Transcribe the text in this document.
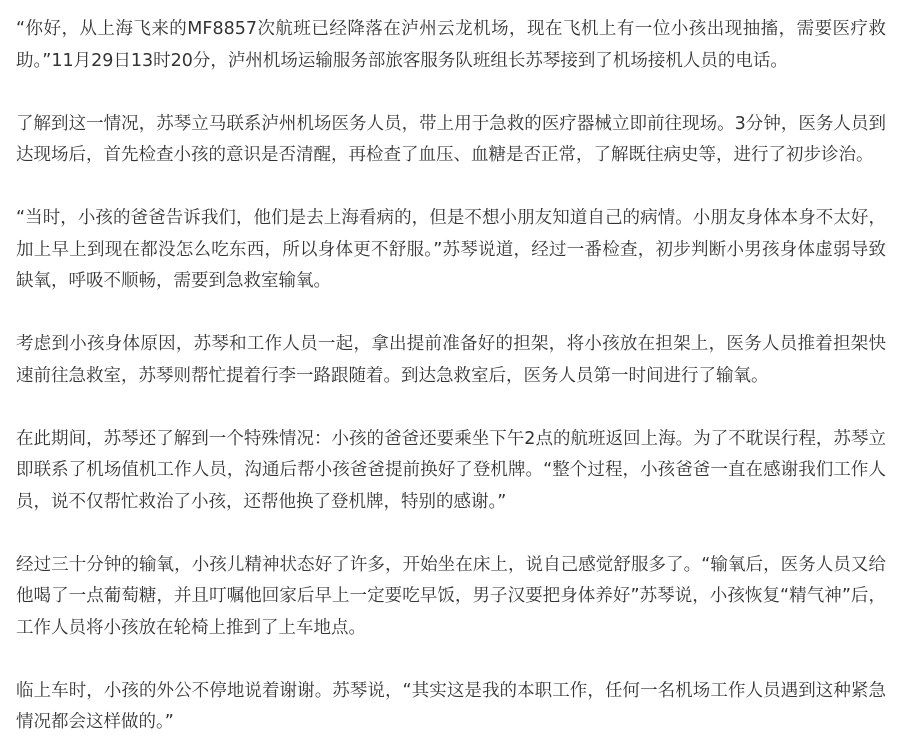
“你好，从上海飞来的MF8857次航班已经降落在泸州云龙机场，现在飞机上有一位小孩出现抽搐，需要医疗救助。”11月29日13时20分，泸州机场运输服务部旅客服务队班组长苏琴接到了机场接机人员的电话。

了解到这一情况，苏琴立马联系泸州机场医务人员，带上用于急救的医疗器械立即前往现场。3分钟，医务人员到达现场后，首先检查小孩的意识是否清醒，再检查了血压、血糖是否正常，了解既往病史等，进行了初步诊治。

“当时，小孩的爸爸告诉我们，他们是去上海看病的，但是不想小朋友知道自己的病情。小朋友身体本身不太好，加上早上到现在都没怎么吃东西，所以身体更不舒服。”苏琴说道，经过一番检查，初步判断小男孩身体虚弱导致缺氧，呼吸不顺畅，需要到急救室输氧。

考虑到小孩身体原因，苏琴和工作人员一起，拿出提前准备好的担架，将小孩放在担架上，医务人员推着担架快速前往急救室，苏琴则帮忙提着行李一路跟随着。到达急救室后，医务人员第一时间进行了输氧。

在此期间，苏琴还了解到一个特殊情况：小孩的爸爸还要乘坐下午2点的航班返回上海。为了不耽误行程，苏琴立即联系了机场值机工作人员，沟通后帮小孩爸爸提前换好了登机牌。“整个过程，小孩爸爸一直在感谢我们工作人员，说不仅帮忙救治了小孩，还帮他换了登机牌，特别的感谢。”

经过三十分钟的输氧，小孩儿精神状态好了许多，开始坐在床上，说自己感觉舒服多了。“输氧后，医务人员又给他喝了一点葡萄糖，并且叮嘱他回家后早上一定要吃早饭，男子汉要把身体养好”苏琴说，小孩恢复“精气神”后，工作人员将小孩放在轮椅上推到了上车地点。

临上车时，小孩的外公不停地说着谢谢。苏琴说，“其实这是我的本职工作，任何一名机场工作人员遇到这种紧急情况都会这样做的。”
